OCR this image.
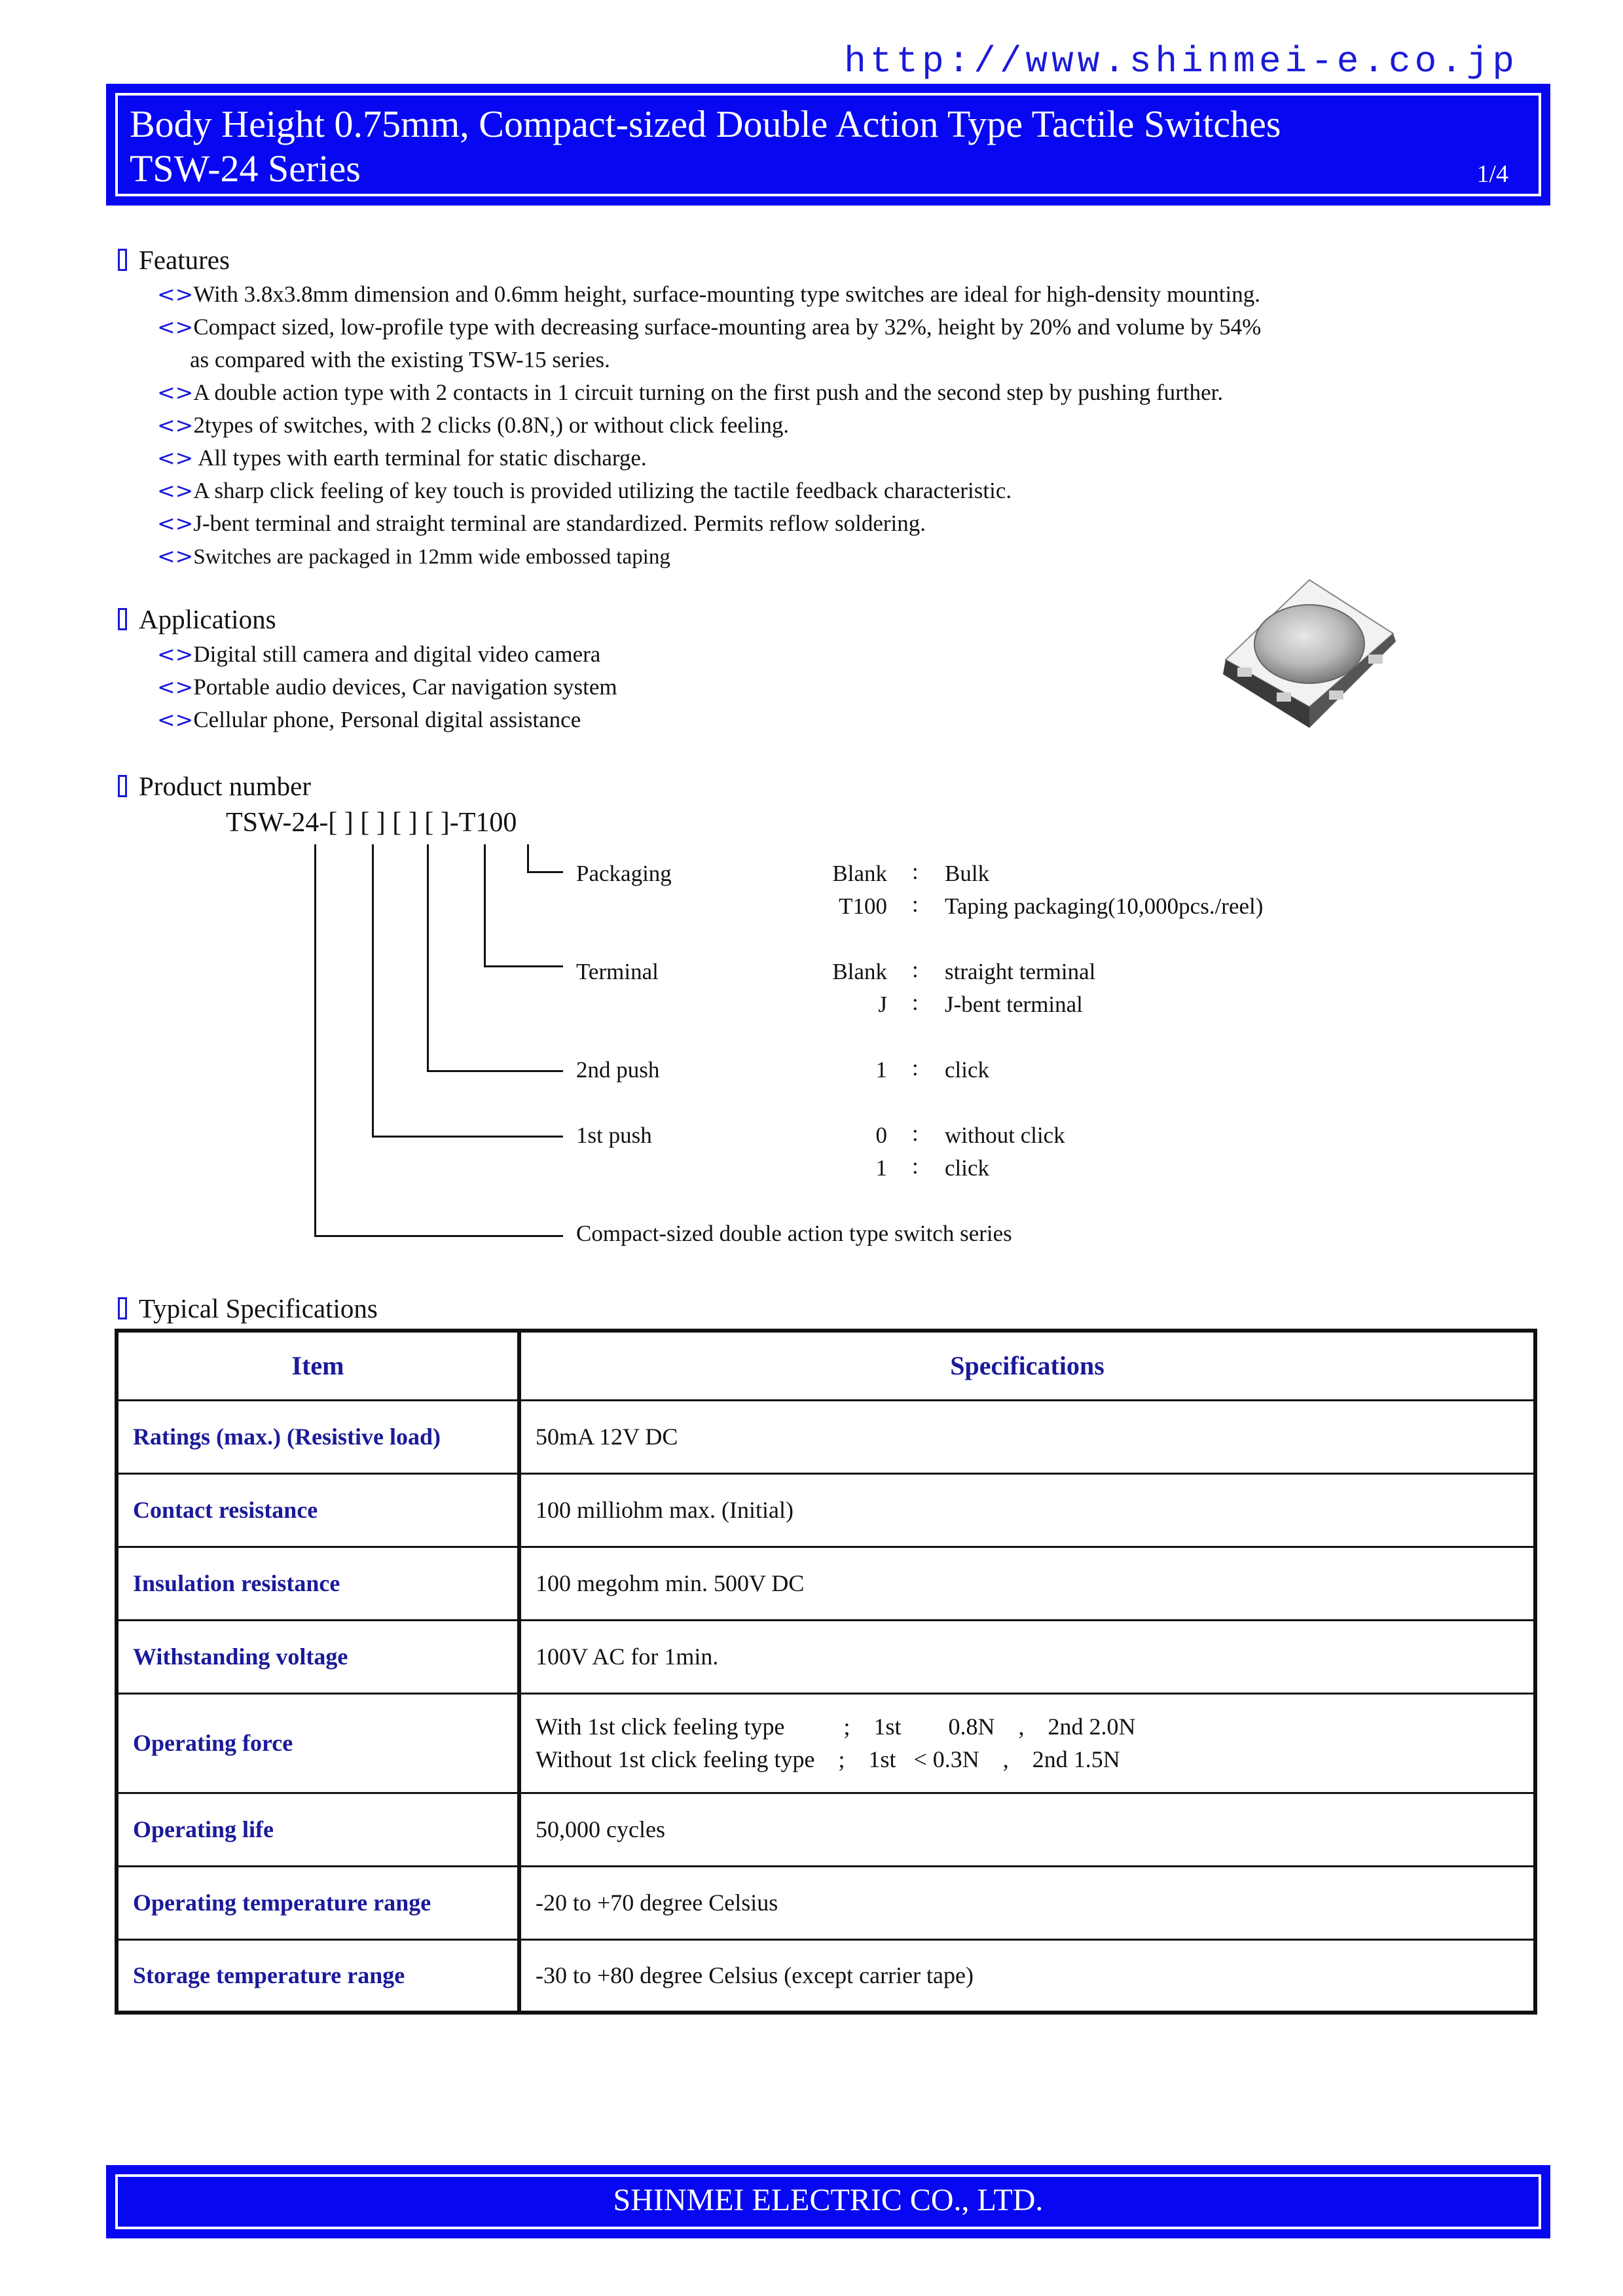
http://www.shinmei-e.co.jp
Body Height 0.75mm, Compact-sized Double Action Type Tactile Switches
TSW-24 Series	1/4
Features
<>With 3.8x3.8mm dimension and 0.6mm height, surface-mounting type switches are ideal for high-density mounting.
<>Compact sized, low-profile type with decreasing surface-mounting area by 32%, height by 20% and volume by 54%
as compared with the existing TSW-15 series.
<>A double action type with 2 contacts in 1 circuit turning on the first push and the second step by pushing further.
<>2types of switches, with 2 clicks (0.8N,) or without click feeling.
<> All types with earth terminal for static discharge.
<>A sharp click feeling of key touch is provided utilizing the tactile feedback characteristic.
<>J-bent terminal and straight terminal are standardized. Permits reflow soldering.
<>Switches are packaged in 12mm wide embossed taping
Applications
<>Digital still camera and digital video camera
<>Portable audio devices, Car navigation system
<>Cellular phone, Personal digital assistance
Product number
TSW-24-[ ] [ ] [ ] [ ]-T100
Packaging	Blank : Bulk
T100 : Taping packaging(10,000pcs./reel)
Terminal	Blank : straight terminal
J : J-bent terminal
2nd push	1 : click
1st push	0 : without click
1 : click
Compact-sized double action type switch series
Typical Specifications
Item	Specifications
Ratings (max.) (Resistive load)	50mA 12V DC
Contact resistance	100 milliohm max. (Initial)
Insulation resistance	100 megohm min. 500V DC
Withstanding voltage	100V AC for 1min.
Operating force	With 1st click feeling type          ;    1st        0.8N    ,    2nd 2.0N
Without 1st click feeling type    ;    1st   < 0.3N    ,    2nd 1.5N

Operating life	50,000 cycles
Operating temperature range	-20 to +70 degree Celsius
Storage temperature range	-30 to +80 degree Celsius (except carrier tape)
SHINMEI ELECTRIC CO., LTD.
